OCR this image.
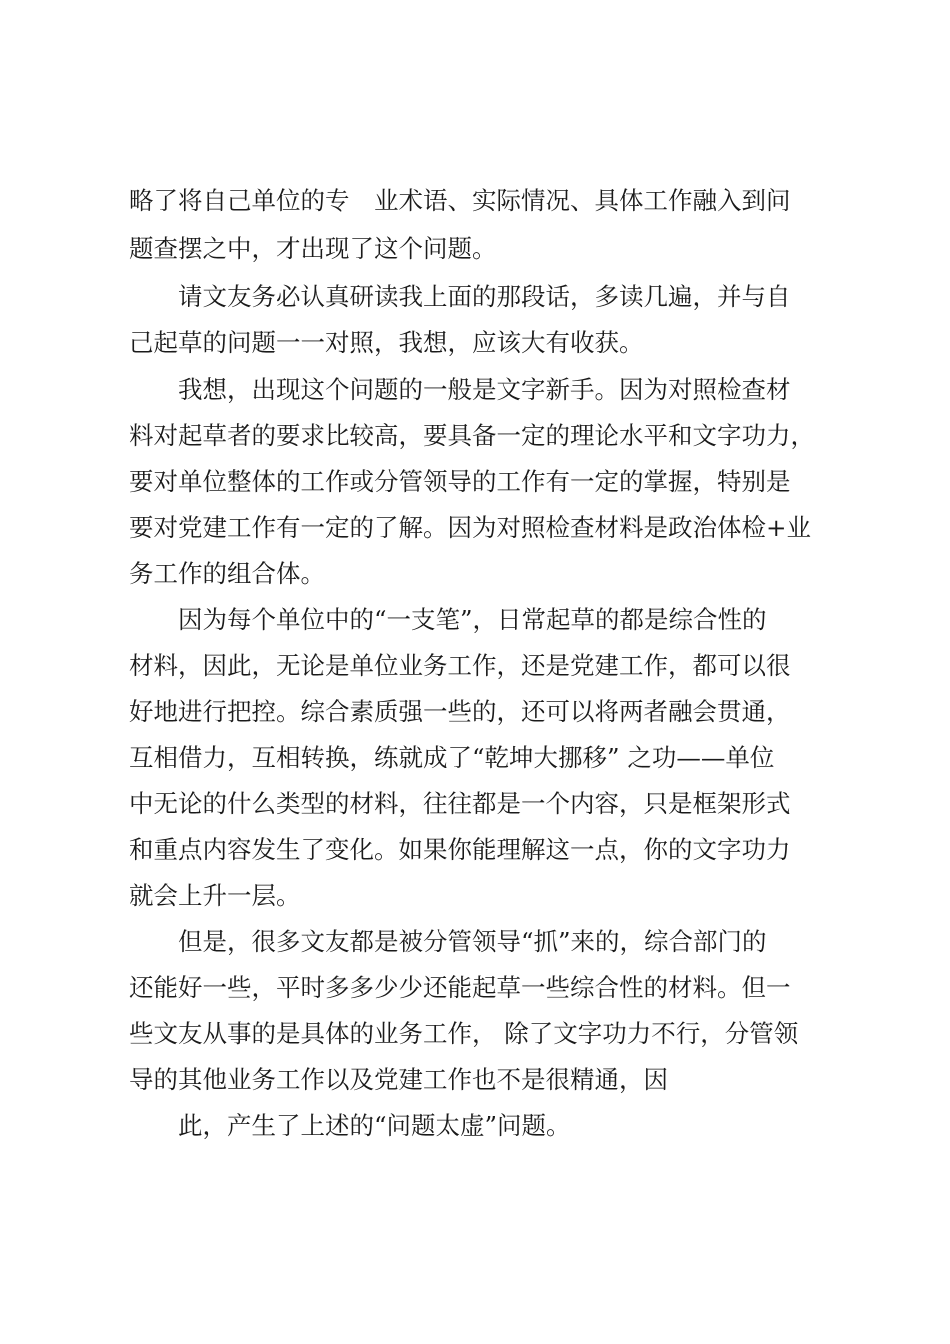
略了将自己单位的专　业术语、实际情况、具体工作融入到问

题查摆之中，才出现了这个问题。

请文友务必认真研读我上面的那段话，多读几遍，并与自

己起草的问题一一对照，我想，应该大有收获。

我想，出现这个问题的一般是文字新手。因为对照检查材

料对起草者的要求比较高，要具备一定的理论水平和文字功力，

要对单位整体的工作或分管领导的工作有一定的掌握，特别是

要对党建工作有一定的了解。因为对照检查材料是政治体检+业

务工作的组合体。

因为每个单位中的“一支笔”，日常起草的都是综合性的

材料，因此，无论是单位业务工作，还是党建工作，都可以很

好地进行把控。综合素质强一些的，还可以将两者融会贯通，

互相借力，互相转换，练就成了“乾坤大挪移” 之功——单位

中无论的什么类型的材料，往往都是一个内容，只是框架形式

和重点内容发生了变化。如果你能理解这一点，你的文字功力

就会上升一层。

但是，很多文友都是被分管领导“抓”来的，综合部门的

还能好一些，平时多多少少还能起草一些综合性的材料。但一

些文友从事的是具体的业务工作， 除了文字功力不行，分管领

导的其他业务工作以及党建工作也不是很精通，因

此，产生了上述的“问题太虚”问题。
